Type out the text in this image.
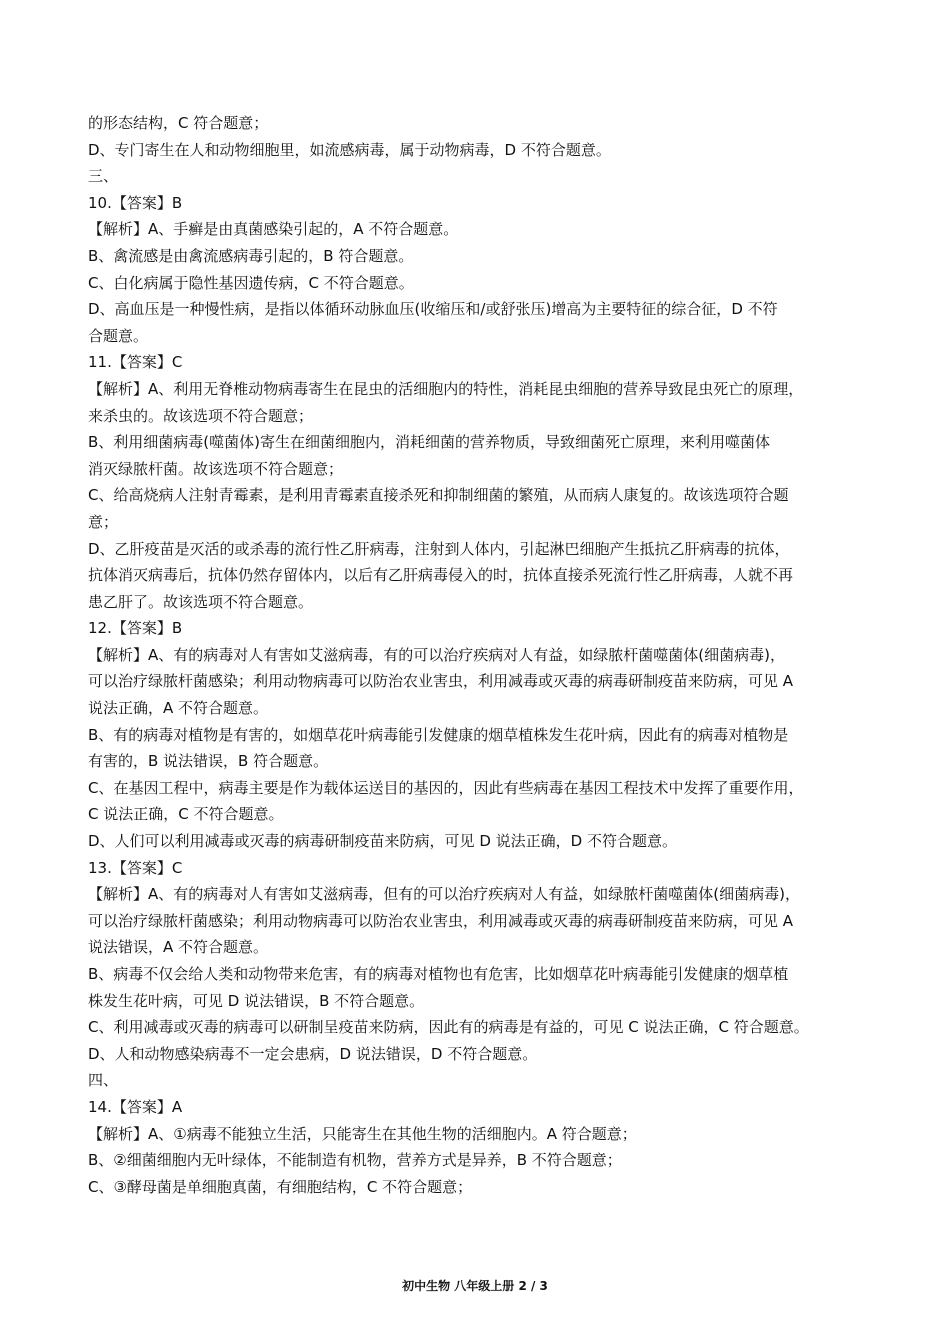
的形态结构，C 符合题意；

D、专门寄生在人和动物细胞里，如流感病毒，属于动物病毒，D 不符合题意。

三、

10.【答案】B

【解析】A、手癣是由真菌感染引起的，A 不符合题意。

B、禽流感是由禽流感病毒引起的，B 符合题意。

C、白化病属于隐性基因遗传病，C 不符合题意。

D、高血压是一种慢性病，是指以体循环动脉血压(收缩压和/或舒张压)增高为主要特征的综合征，D 不符

合题意。

11.【答案】C

【解析】A、利用无脊椎动物病毒寄生在昆虫的活细胞内的特性，消耗昆虫细胞的营养导致昆虫死亡的原理，

来杀虫的。故该选项不符合题意；

B、利用细菌病毒(噬菌体)寄生在细菌细胞内，消耗细菌的营养物质，导致细菌死亡原理，来利用噬菌体

消灭绿脓杆菌。故该选项不符合题意；

C、给高烧病人注射青霉素，是利用青霉素直接杀死和抑制细菌的繁殖，从而病人康复的。故该选项符合题

意；

D、乙肝疫苗是灭活的或杀毒的流行性乙肝病毒，注射到人体内，引起淋巴细胞产生抵抗乙肝病毒的抗体，

抗体消灭病毒后，抗体仍然存留体内，以后有乙肝病毒侵入的时，抗体直接杀死流行性乙肝病毒，人就不再

患乙肝了。故该选项不符合题意。

12.【答案】B

【解析】A、有的病毒对人有害如艾滋病毒，有的可以治疗疾病对人有益，如绿脓杆菌噬菌体(细菌病毒)，

可以治疗绿脓杆菌感染；利用动物病毒可以防治农业害虫，利用减毒或灭毒的病毒研制疫苗来防病，可见 A

说法正确，A 不符合题意。

B、有的病毒对植物是有害的，如烟草花叶病毒能引发健康的烟草植株发生花叶病，因此有的病毒对植物是

有害的，B 说法错误，B 符合题意。

C、在基因工程中，病毒主要是作为载体运送目的基因的，因此有些病毒在基因工程技术中发挥了重要作用，

C 说法正确，C 不符合题意。

D、人们可以利用减毒或灭毒的病毒研制疫苗来防病，可见 D 说法正确，D 不符合题意。

13.【答案】C

【解析】A、有的病毒对人有害如艾滋病毒，但有的可以治疗疾病对人有益，如绿脓杆菌噬菌体(细菌病毒)，

可以治疗绿脓杆菌感染；利用动物病毒可以防治农业害虫，利用减毒或灭毒的病毒研制疫苗来防病，可见 A

说法错误，A 不符合题意。

B、病毒不仅会给人类和动物带来危害，有的病毒对植物也有危害，比如烟草花叶病毒能引发健康的烟草植

株发生花叶病，可见 D 说法错误，B 不符合题意。

C、利用减毒或灭毒的病毒可以研制呈疫苗来防病，因此有的病毒是有益的，可见 C 说法正确，C 符合题意。

D、人和动物感染病毒不一定会患病，D 说法错误，D 不符合题意。

四、

14.【答案】A

【解析】A、①病毒不能独立生活，只能寄生在其他生物的活细胞内。A 符合题意；

B、②细菌细胞内无叶绿体，不能制造有机物，营养方式是异养，B 不符合题意；

C、③酵母菌是单细胞真菌，有细胞结构，C 不符合题意；

初中生物 八年级上册 2 / 3
